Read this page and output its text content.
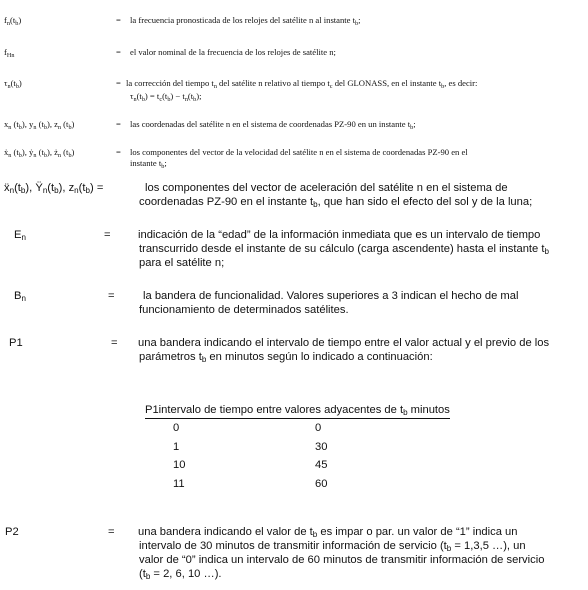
$f_n(t_b)$	= la frecuencia pronosticada de los relojes del satélite n al instante $t_b$;
$f_{Hn}$	= el valor nominal de la frecuencia de los relojes de satélite n;
$\tau_n(t_b)$	= la corrección del tiempo $t_n$ del satélite n relativo al tiempo $t_c$ del GLONASS, en el instante $t_b$, es decir:
$\tau_n(t_b) = t_c(t_b) - t_n(t_b)$;
$x_n$ $(t_b)$, $y_n$ $(t_b)$, $z_n$ $(t_b)$	= las coordenadas del satélite n en el sistema de coordenadas PZ-90 en un instante $t_b$;
ẋ$_n$ $(t_b)$, ẏ$_n$ $(t_b)$, $ż_n$ $(t_b)$	= los componentes del vector de la velocidad del satélite n en el sistema de coordenadas PZ-90 en el
instante $t_b$;
$ẍ_n(t_b)$, $Ÿ_n(t_b)$, $z_n(t_b)$ =	los componentes del vector de aceleración del satélite n en el sistema de
coordenadas PZ-90 en el instante $t_b$, que han sido el efecto del sol y de la luna;
$E_n$	= indicación de la “edad” de la información inmediata que es un intervalo de tiempo
transcurrido desde el instante de su cálculo (carga ascendente) hasta el instante $t_b$
para el satélite n;
$B_n$	=	la bandera de funcionalidad. Valores superiores a 3 indican el hecho de mal
funcionamiento de determinados satélites.
P1	= una bandera indicando el intervalo de tiempo entre el valor actual y el previo de los
parámetros $t_b$ en minutos según lo indicado a continuación:
P1intervalo de tiempo entre valores adyacentes de $t_b$ minutos	
0	0
1	30
10	45
11	60
P2	= una bandera indicando el valor de $t_b$ es impar o par. un valor de “1” indica un
intervalo de 30 minutos de transmitir información de servicio ($t_b = 1,3,5$ …), un
valor de “0” indica un intervalo de 60 minutos de transmitir información de servicio
($t_b = 2$, 6, 10 …).
